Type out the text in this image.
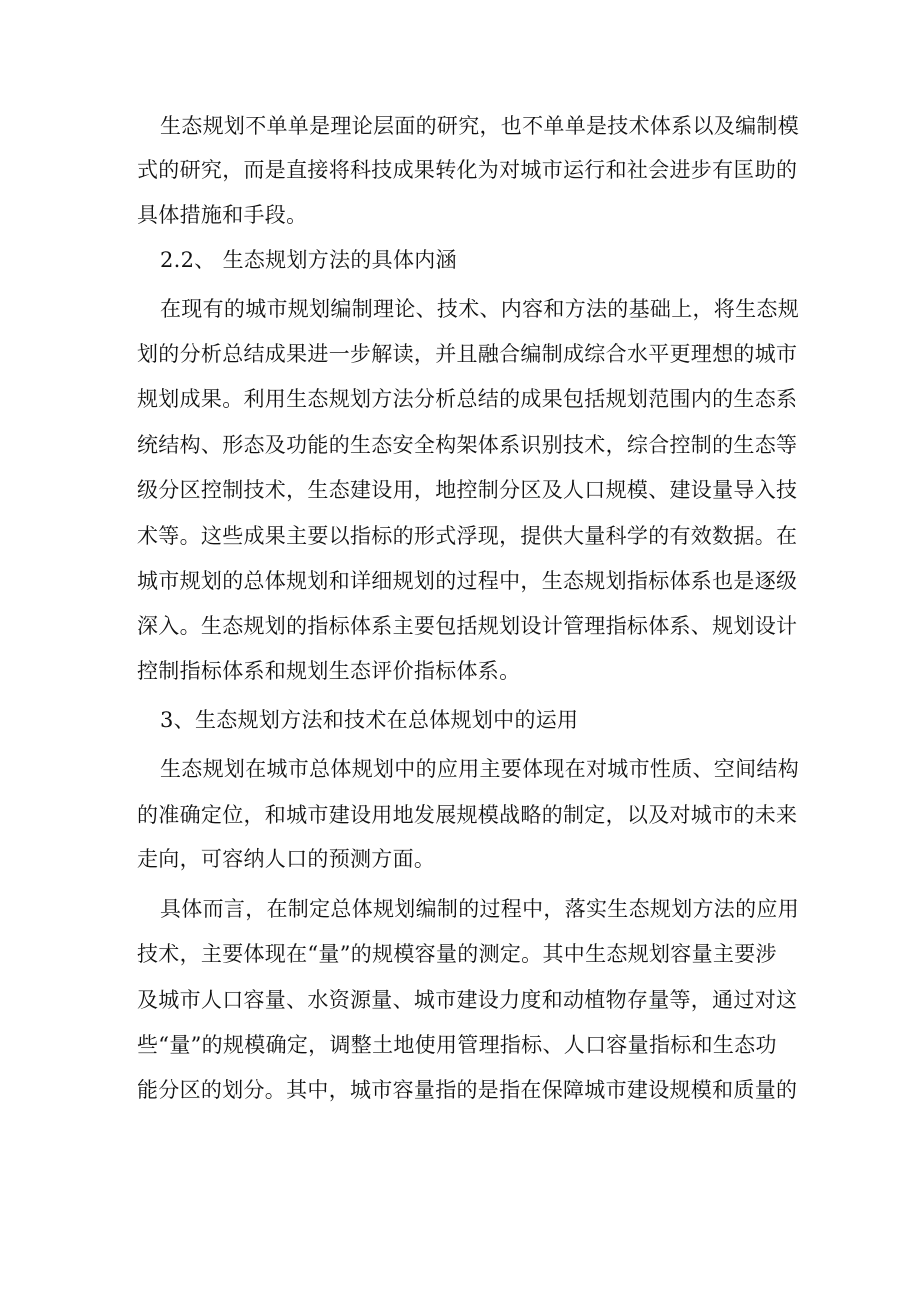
生态规划不单单是理论层面的研究，也不单单是技术体系以及编制模
式的研究，而是直接将科技成果转化为对城市运行和社会进步有匡助的
具体措施和手段。
2.2、 生态规划方法的具体内涵
在现有的城市规划编制理论、技术、内容和方法的基础上，将生态规
划的分析总结成果进一步解读，并且融合编制成综合水平更理想的城市
规划成果。利用生态规划方法分析总结的成果包括规划范围内的生态系
统结构、形态及功能的生态安全构架体系识别技术，综合控制的生态等
级分区控制技术，生态建设用，地控制分区及人口规模、建设量导入技
术等。这些成果主要以指标的形式浮现，提供大量科学的有效数据。在
城市规划的总体规划和详细规划的过程中，生态规划指标体系也是逐级
深入。生态规划的指标体系主要包括规划设计管理指标体系、规划设计
控制指标体系和规划生态评价指标体系。
3、生态规划方法和技术在总体规划中的运用
生态规划在城市总体规划中的应用主要体现在对城市性质、空间结构
的准确定位，和城市建设用地发展规模战略的制定，以及对城市的未来
走向，可容纳人口的预测方面。
具体而言，在制定总体规划编制的过程中，落实生态规划方法的应用
技术，主要体现在“量”的规模容量的测定。其中生态规划容量主要涉
及城市人口容量、水资源量、城市建设力度和动植物存量等，通过对这
些“量”的规模确定，调整土地使用管理指标、人口容量指标和生态功
能分区的划分。其中，城市容量指的是指在保障城市建设规模和质量的
